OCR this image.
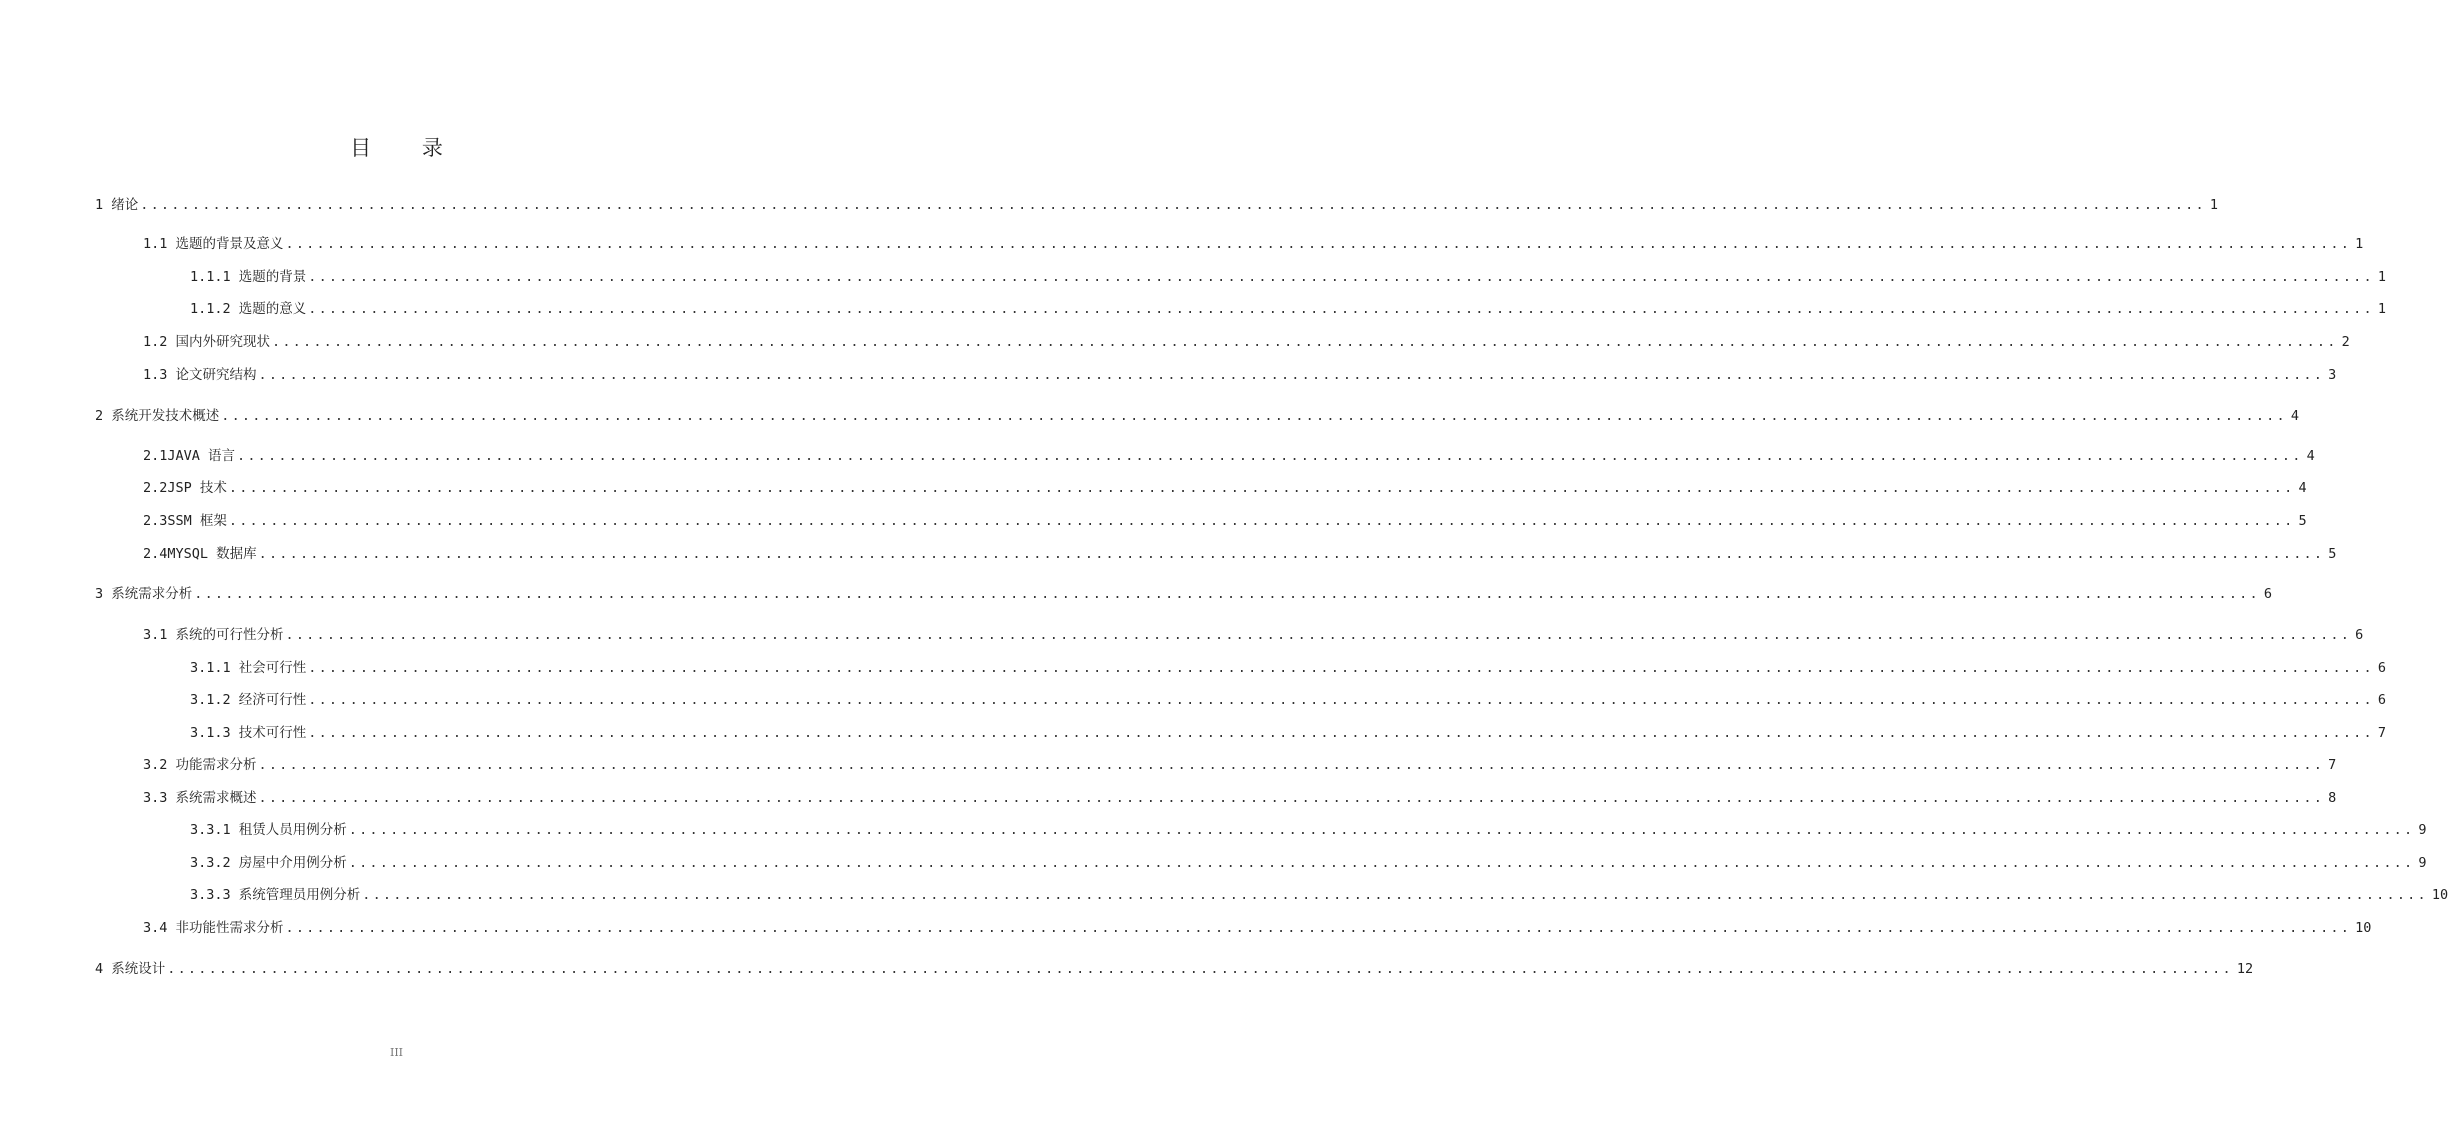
目 录
1 绪论 ........................................................................................................................................................................................................ 1
1.1 选题的背景及意义 ........................................................................................................................................................................................................ 1
1.1.1 选题的背景 ........................................................................................................................................................................................................ 1
1.1.2 选题的意义 ........................................................................................................................................................................................................ 1
1.2 国内外研究现状 ........................................................................................................................................................................................................ 2
1.3 论文研究结构 ........................................................................................................................................................................................................ 3
2 系统开发技术概述 ........................................................................................................................................................................................................ 4
2.1JAVA 语言 ........................................................................................................................................................................................................ 4
2.2JSP 技术 ........................................................................................................................................................................................................ 4
2.3SSM 框架 ........................................................................................................................................................................................................ 5
2.4MYSQL 数据库 ........................................................................................................................................................................................................ 5
3 系统需求分析 ........................................................................................................................................................................................................ 6
3.1 系统的可行性分析 ........................................................................................................................................................................................................ 6
3.1.1 社会可行性 ........................................................................................................................................................................................................ 6
3.1.2 经济可行性 ........................................................................................................................................................................................................ 6
3.1.3 技术可行性 ........................................................................................................................................................................................................ 7
3.2 功能需求分析 ........................................................................................................................................................................................................ 7
3.3 系统需求概述 ........................................................................................................................................................................................................ 8
3.3.1 租赁人员用例分析 ........................................................................................................................................................................................................ 9
3.3.2 房屋中介用例分析 ........................................................................................................................................................................................................ 9
3.3.3 系统管理员用例分析 ........................................................................................................................................................................................................ 10
3.4 非功能性需求分析 ........................................................................................................................................................................................................ 10
4 系统设计 ........................................................................................................................................................................................................ 12
III
